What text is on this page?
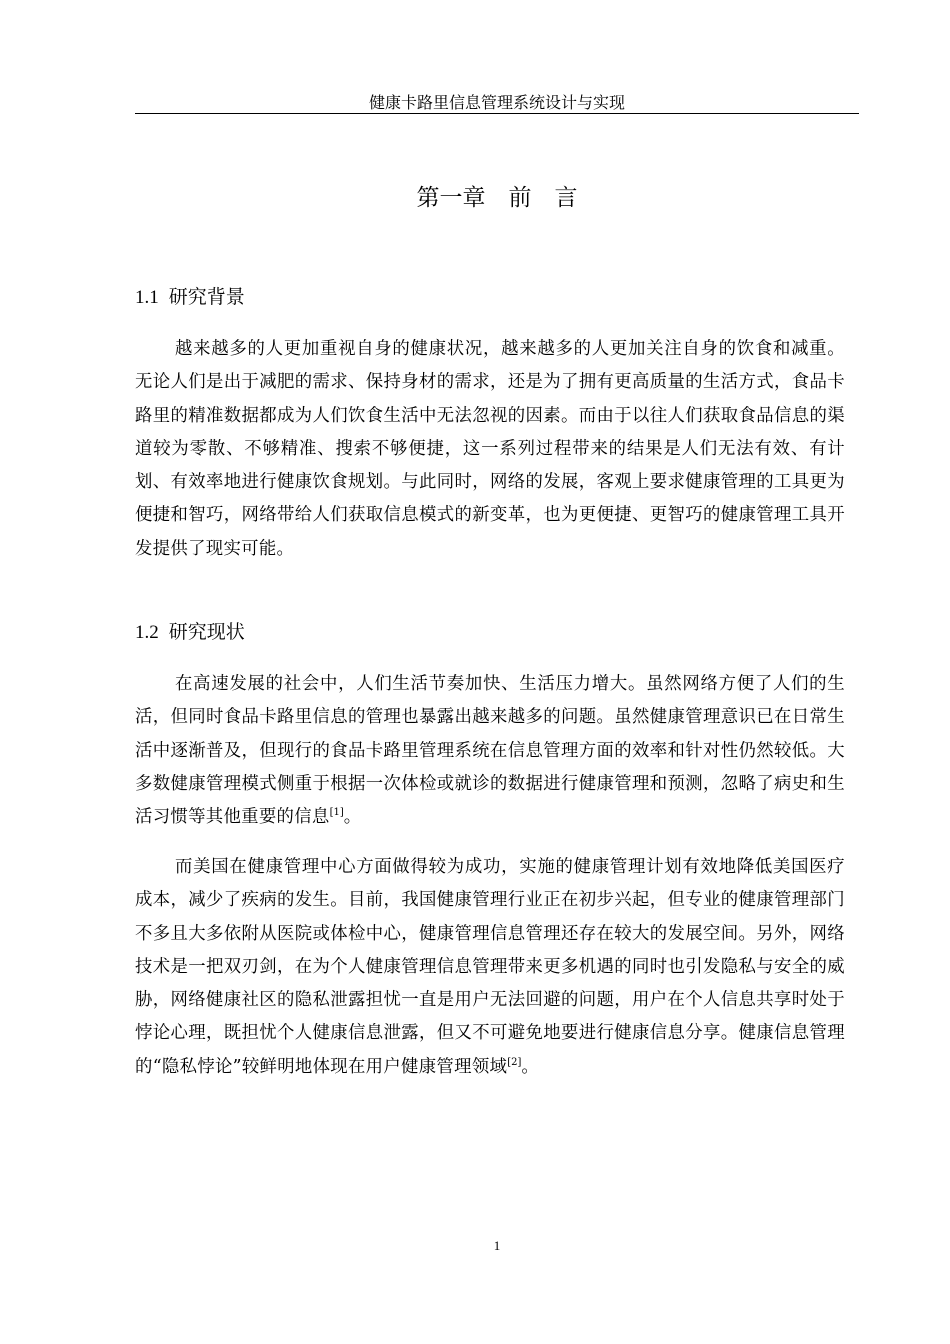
健康卡路里信息管理系统设计与实现
第一章　前　言
1.1 研究背景

越来越多的人更加重视自身的健康状况，越来越多的人更加关注自身的饮食和减重。无论人们是出于减肥的需求、保持身材的需求，还是为了拥有更高质量的生活方式，食品卡路里的精准数据都成为人们饮食生活中无法忽视的因素。而由于以往人们获取食品信息的渠道较为零散、不够精准、搜索不够便捷，这一系列过程带来的结果是人们无法有效、有计划、有效率地进行健康饮食规划。与此同时，网络的发展，客观上要求健康管理的工具更为便捷和智巧，网络带给人们获取信息模式的新变革，也为更便捷、更智巧的健康管理工具开发提供了现实可能。

1.2 研究现状

在高速发展的社会中，人们生活节奏加快、生活压力增大。虽然网络方便了人们的生活，但同时食品卡路里信息的管理也暴露出越来越多的问题。虽然健康管理意识已在日常生活中逐渐普及，但现行的食品卡路里管理系统在信息管理方面的效率和针对性仍然较低。大多数健康管理模式侧重于根据一次体检或就诊的数据进行健康管理和预测，忽略了病史和生活习惯等其他重要的信息[1]。

而美国在健康管理中心方面做得较为成功，实施的健康管理计划有效地降低美国医疗成本，减少了疾病的发生。目前，我国健康管理行业正在初步兴起，但专业的健康管理部门不多且大多依附从医院或体检中心，健康管理信息管理还存在较大的发展空间。另外，网络技术是一把双刃剑，在为个人健康管理信息管理带来更多机遇的同时也引发隐私与安全的威胁，网络健康社区的隐私泄露担忧一直是用户无法回避的问题，用户在个人信息共享时处于悖论心理，既担忧个人健康信息泄露，但又不可避免地要进行健康信息分享。健康信息管理的“隐私悖论”较鲜明地体现在用户健康管理领域[2]。

1
